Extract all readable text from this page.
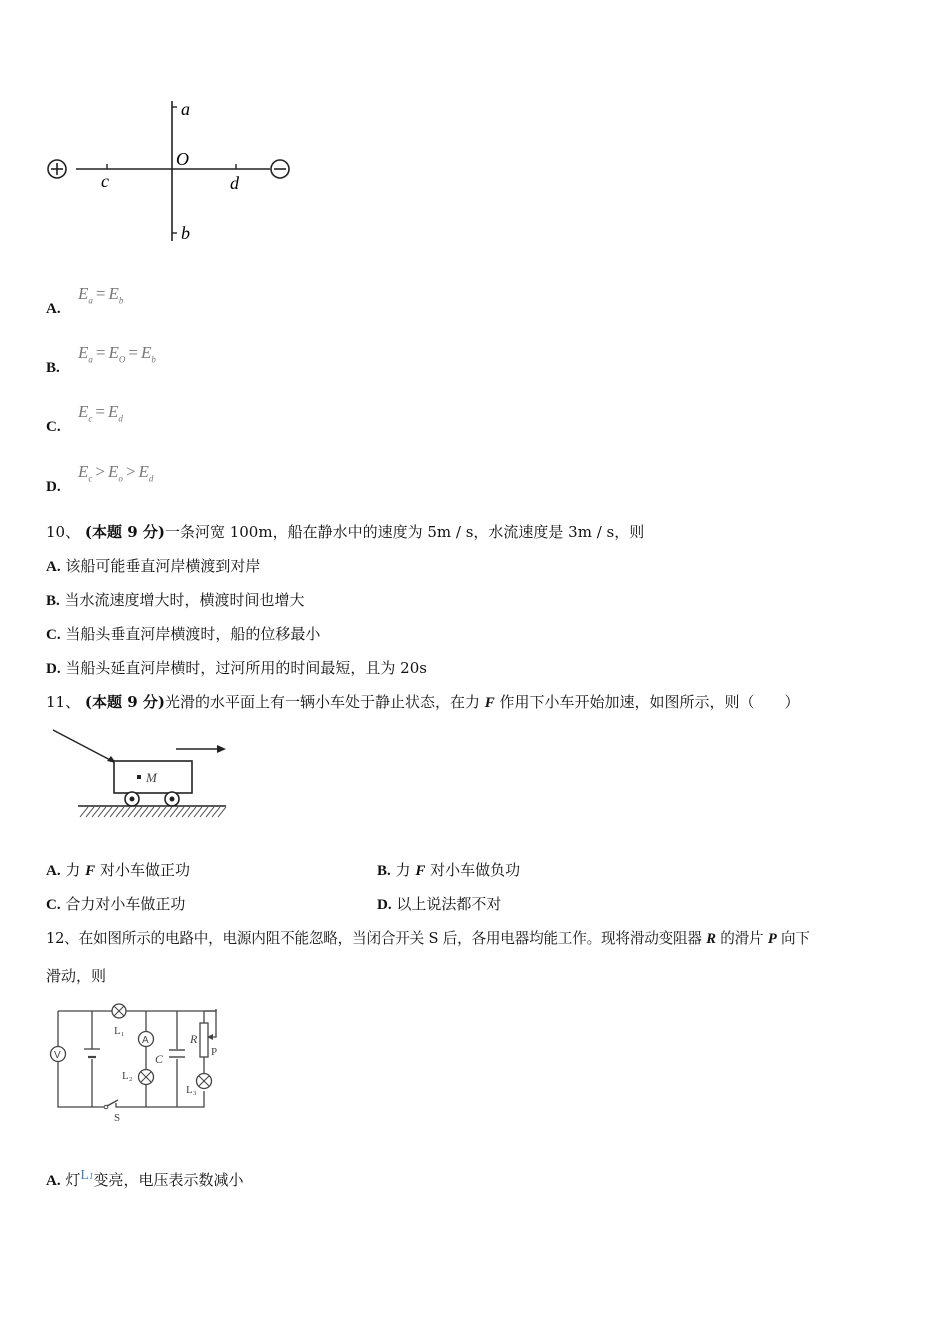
a
b
O
c	d
A.
$E_a = E_b$
B.
$E_a = E_O = E_b$
C.
$E_c = E_d$
D.
$E_c > E_o > E_d$
10、 (本题 9 分)一条河宽 100m，船在静水中的速度为 5m / s，水流速度是 3m / s，则
A. 该船可能垂直河岸横渡到对岸
B. 当水流速度增大时，横渡时间也增大
C. 当船头垂直河岸横渡时，船的位移最小
D. 当船头延直河岸横时，过河所用的时间最短，且为 20s
11、 (本题 9 分)光滑的水平面上有一辆小车处于静止状态，在力 F 作用下小车开始加速，如图所示，则（　　）
M
A. 力 F 对小车做正功	B. 力 F 对小车做负功
C. 合力对小车做正功	D. 以上说法都不对
12、在如图所示的电路中，电源内阻不能忽略，当闭合开关 S 后，各用电器均能工作。现将滑动变阻器 R 的滑片 P 向下
滑动，则
V
L₁
A
L₂
C
R
P
L₃
S
A. 灯L1变亮，电压表示数减小
